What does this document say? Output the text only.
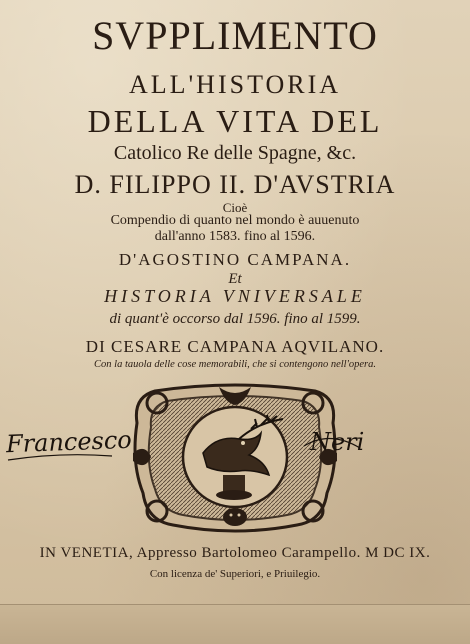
SVPPLIMENTO
ALL'HISTORIA
DELLA VITA DEL
Catolico Re delle Spagne, &c.
D. FILIPPO II. D'AVSTRIA
Cioè
Compendio di quanto nel mondo è auuenuto
dall'anno 1583. fino al 1596.
D'AGOSTINO CAMPANA.
Et
HISTORIA VNIVERSALE
di quant'è occorso dal 1596. fino al 1599.
DI CESARE CAMPANA AQVILANO.
Con la tauola delle cose memorabili, che si contengono nell'opera.
Francesco	Neri
IN VENETIA, Appresso Bartolomeo Carampello. M DC IX.
Con licenza de' Superiori, e Priuilegio.
